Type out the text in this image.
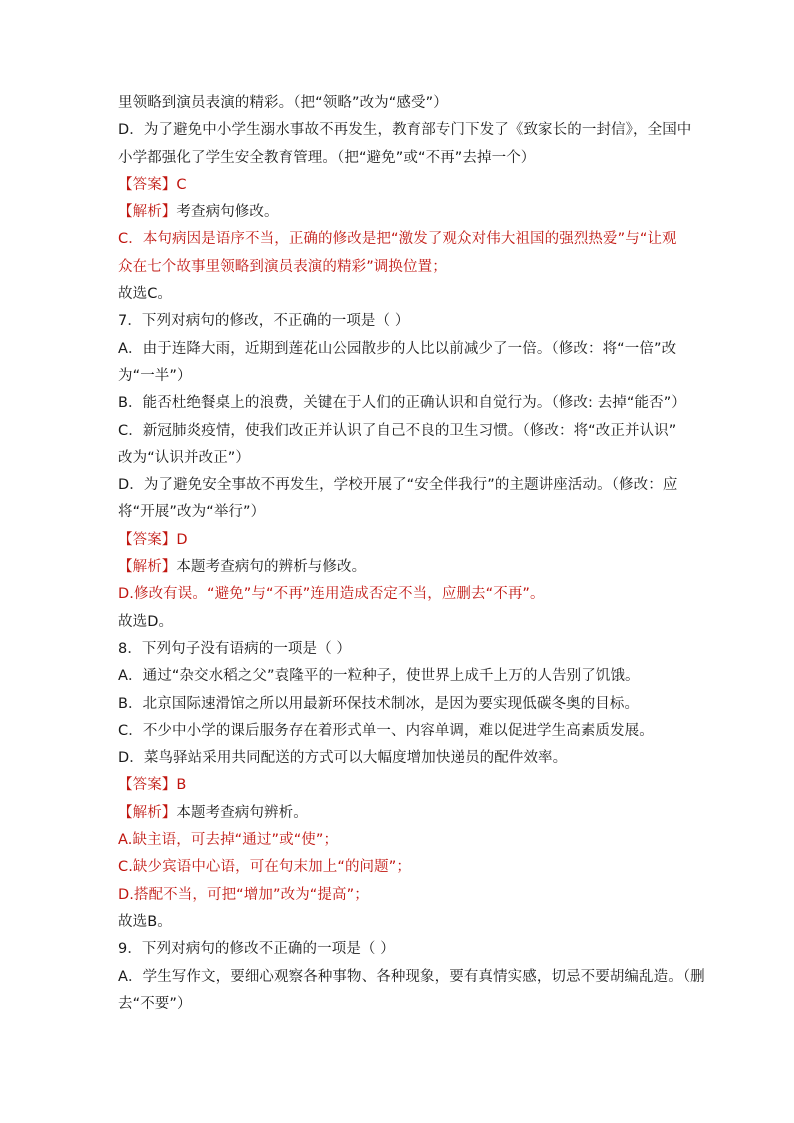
里领略到演员表演的精彩。（把“领略”改为“感受”）
D．为了避免中小学生溺水事故不再发生，教育部专门下发了《致家长的一封信》，全国中
小学都强化了学生安全教育管理。（把“避免”或“不再”去掉一个）
【答案】C
【解析】考查病句修改。
C．本句病因是语序不当，正确的修改是把“激发了观众对伟大祖国的强烈热爱”与“让观
众在七个故事里领略到演员表演的精彩”调换位置；
故选C。
7．下列对病句的修改，不正确的一项是（ ）
A．由于连降大雨，近期到莲花山公园散步的人比以前减少了一倍。（修改：将“一倍”改
为“一半”）
B．能否杜绝餐桌上的浪费，关键在于人们的正确认识和自觉行为。（修改: 去掉“能否”）
C．新冠肺炎疫情，使我们改正并认识了自己不良的卫生习惯。（修改：将“改正并认识”
改为“认识并改正”）
D．为了避免安全事故不再发生，学校开展了“安全伴我行”的主题讲座活动。（修改：应
将“开展”改为“举行”）
【答案】D
【解析】本题考查病句的辨析与修改。
D.修改有误。“避免”与“不再”连用造成否定不当，应删去“不再”。
故选D。
8．下列句子没有语病的一项是（ ）
A．通过“杂交水稻之父”袁隆平的一粒种子，使世界上成千上万的人告别了饥饿。
B．北京国际速滑馆之所以用最新环保技术制冰，是因为要实现低碳冬奥的目标。
C．不少中小学的课后服务存在着形式单一、内容单调，难以促进学生高素质发展。
D．菜鸟驿站采用共同配送的方式可以大幅度增加快递员的配件效率。
【答案】B
【解析】本题考查病句辨析。
A.缺主语，可去掉“通过”或“使”；
C.缺少宾语中心语，可在句末加上“的问题”；
D.搭配不当，可把“增加”改为“提高”；
故选B。
9．下列对病句的修改不正确的一项是（ ）
A．学生写作文，要细心观察各种事物、各种现象，要有真情实感，切忌不要胡编乱造。（删
去“不要”）
